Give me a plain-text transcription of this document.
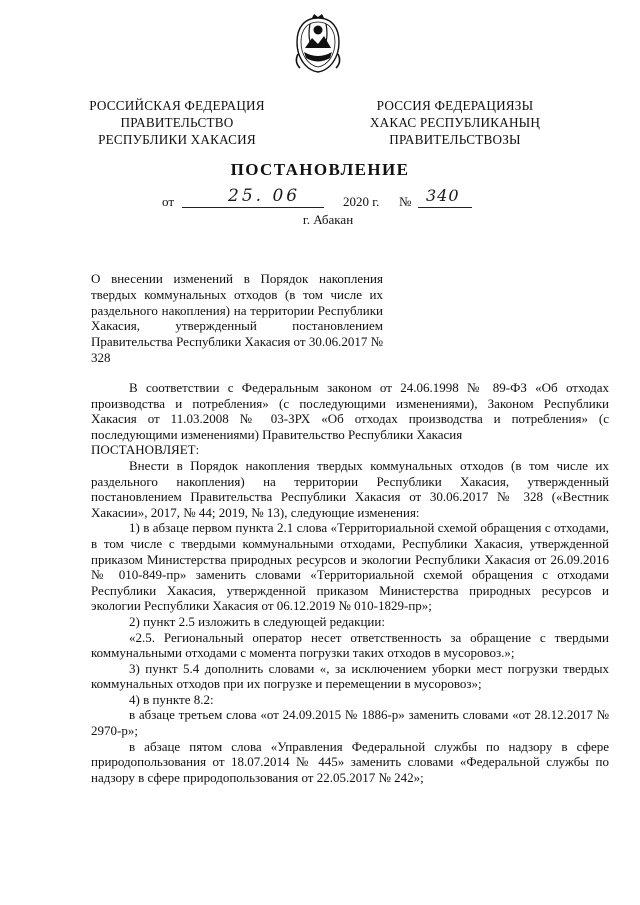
РОССИЙСКАЯ ФЕДЕРАЦИЯ
ПРАВИТЕЛЬСТВО
РЕСПУБЛИКИ ХАКАСИЯ
РОССИЯ ФЕДЕРАЦИЯЗЫ
ХАКАС РЕСПУБЛИКАНЫҢ
ПРАВИТЕЛЬСТВОЗЫ
ПОСТАНОВЛЕНИЕ
от	25. 06	2020 г. № 340
г. Абакан
О внесении изменений в Порядок накопления твердых коммунальных отходов (в том числе их раздельного накопления) на территории Республики Хакасия, утвержденный постановлением Правительства Республики Хакасия от 30.06.2017 № 328

В соответствии с Федеральным законом от 24.06.1998 № 89-ФЗ «Об отходах производства и потребления» (с последующими изменениями), Законом Республики Хакасия от 11.03.2008 № 03-ЗРХ «Об отходах производства и потребления» (с последующими изменениями) Правительство Республики Хакасия

ПОСТАНОВЛЯЕТ:

Внести в Порядок накопления твердых коммунальных отходов (в том числе их раздельного накопления) на территории Республики Хакасия, утвержденный постановлением Правительства Республики Хакасия от 30.06.2017 № 328 («Вестник Хакасии», 2017, № 44; 2019, № 13), следующие изменения:

1) в абзаце первом пункта 2.1 слова «Территориальной схемой обращения с отходами, в том числе с твердыми коммунальными отходами, Республики Хакасия, утвержденной приказом Министерства природных ресурсов и экологии Республики Хакасия от 26.09.2016 № 010-849-пр» заменить словами «Территориальной схемой обращения с отходами Республики Хакасия, утвержденной приказом Министерства природных ресурсов и экологии Республики Хакасия от 06.12.2019 № 010-1829-пр»;

2) пункт 2.5 изложить в следующей редакции:

«2.5. Региональный оператор несет ответственность за обращение с твердыми коммунальными отходами с момента погрузки таких отходов в мусоровоз.»;

3) пункт 5.4 дополнить словами «, за исключением уборки мест погрузки твердых коммунальных отходов при их погрузке и перемещении в мусоровоз»;

4) в пункте 8.2:

в абзаце третьем слова «от 24.09.2015 № 1886-р» заменить словами «от 28.12.2017 № 2970-р»;

в абзаце пятом слова «Управления Федеральной службы по надзору в сфере природопользования от 18.07.2014 № 445» заменить словами «Федеральной службы по надзору в сфере природопользования от 22.05.2017 № 242»;
